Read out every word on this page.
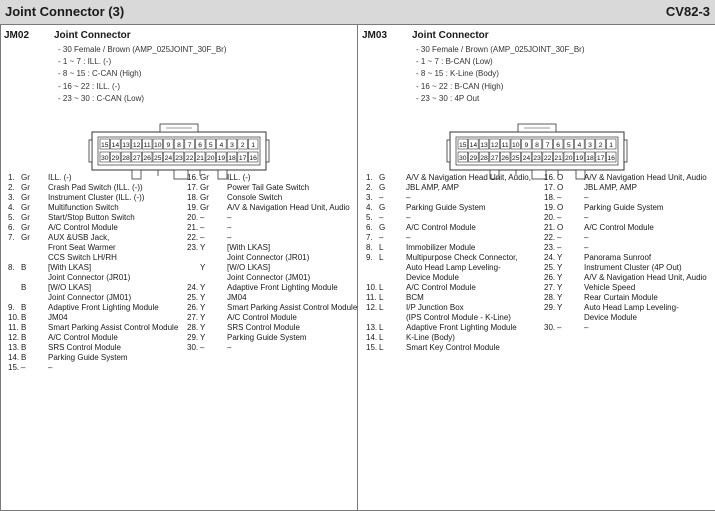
Joint Connector (3)	CV82-3
JM02 Joint Connector
- 30 Female / Brown (AMP_025JOINT_30F_Br)
- 1 ~ 7 : ILL. (-)
- 8 ~ 15 : C-CAN (High)
- 16 ~ 22 : ILL. (-)
- 23 ~ 30 : C-CAN (Low)
15 14 13 12 11 10 9 8 7 6 5 4 3 2 1
30 29 28 27 26 25 24 23 22 21 20 19 18 17 16
1. Gr ILL. (-)
2. Gr Crash Pad Switch (ILL. (-))
3. Gr Instrument Cluster (ILL. (-))
4. Gr Multifunction Switch
5. Gr Start/Stop Button Switch
6. Gr A/C Control Module
7. Gr AUX &USB Jack,
Front Seat Warmer
CCS Switch LH/RH
8. B	[With LKAS]
Joint Connector (JR01)
B	[W/O LKAS]
Joint Connector (JM01)
9. B	Adaptive Front Lighting Module
10. B	JM04
11. B	Smart Parking Assist Control Module
12. B	A/C Control Module
13. B	SRS Control Module
14. B	Parking Guide System
15. –	–
16. Gr ILL. (-)
17. Gr Power Tail Gate Switch
18. Gr Console Switch
19. Gr A/V & Navigation Head Unit, Audio
20. –	–
21. –	–
22. –	–
23. Y	[With LKAS]
Joint Connector (JR01)
Y	[W/O LKAS]
Joint Connector (JM01)
24. Y	Adaptive Front Lighting Module
25. Y	JM04
26. Y	Smart Parking Assist Control Module
27. Y	A/C Control Module
28. Y	SRS Control Module
29. Y	Parking Guide System
30. –	–
JM03 Joint Connector
- 30 Female / Brown (AMP_025JOINT_30F_Br)
- 1 ~ 7 : B-CAN (Low)
- 8 ~ 15 : K-Line (Body)
- 16 ~ 22 : B-CAN (High)
- 23 ~ 30 : 4P Out
15 14 13 12 11 10 9 8 7 6 5 4 3 2 1
30 29 28 27 26 25 24 23 22 21 20 19 18 17 16
1. G	A/V & Navigation Head Unit, Audio,
2. G	JBL AMP, AMP
3. –	–
4. G	Parking Guide System
5. –	–
6. G	A/C Control Module
7. –	–
8. L	Immobilizer Module
9. L	Multipurpose Check Connector,
Auto Head Lamp Leveling-
Device Module
10. L	A/C Control Module
11. L	BCM
12. L	I/P Junction Box
(IPS Control Module - K-Line)
13. L	Adaptive Front Lighting Module
14. L	K-Line (Body)
15. L	Smart Key Control Module
16. O	A/V & Navigation Head Unit, Audio
17. O	JBL AMP, AMP
18. –	–
19. O	Parking Guide System
20. –	–
21. O	A/C Control Module
22. –	–
23. –	–
24. Y	Panorama Sunroof
25. Y	Instrument Cluster (4P Out)
26. Y	A/V & Navigation Head Unit, Audio
27. Y	Vehicle Speed
28. Y	Rear Curtain Module
29. Y	Auto Head Lamp Leveling-
Device Module
30. –	–
